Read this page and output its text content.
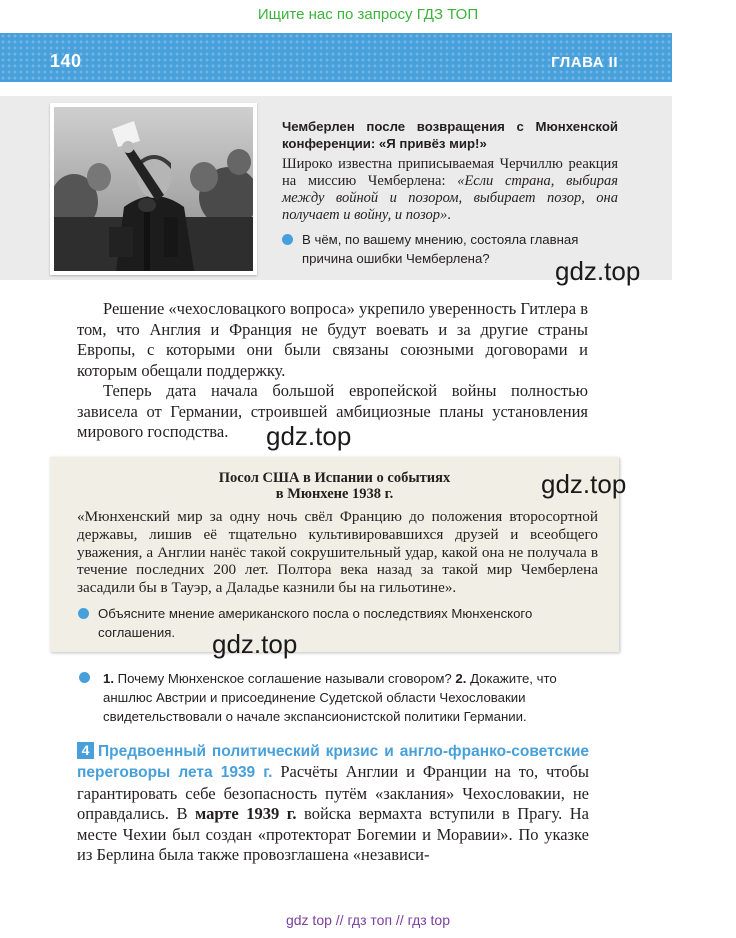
Ищите нас по запросу ГДЗ ТОП
140	ГЛАВА II
Чемберлен после возвращения с Мюнхенской конференции: «Я привёз мир!»
Широко известна приписываемая Черчиллю реакция на миссию Чемберлена: «Если страна, выбирая между войной и позором, выбирает позор, она получает и войну, и позор».
В чём, по вашему мнению, состояла главная причина ошибки Чемберлена?
Решение «чехословацкого вопроса» укрепило уверенность Гитлера в том, что Англия и Франция не будут воевать и за другие страны Европы, с которыми они были связаны союзными договорами и которым обещали поддержку.
Теперь дата начала большой европейской войны полностью зависела от Германии, строившей амбициозные планы установления мирового господства.
Посол США в Испании о событиях
в Мюнхене 1938 г.
«Мюнхенский мир за одну ночь свёл Францию до положения второсортной державы, лишив её тщательно культивировавшихся друзей и всеобщего уважения, а Англии нанёс такой сокрушительный удар, какой она не получала в течение последних 200 лет. Полтора века назад за такой мир Чемберлена засадили бы в Тауэр, а Даладье казнили бы на гильотине».
Объясните мнение американского посла о последствиях Мюнхенского соглашения.
1. Почему Мюнхенское соглашение называли сговором? 2. Докажите, что аншлюс Австрии и присоединение Судетской области Чехословакии свидетельствовали о начале экспансионистской политики Германии.
4 Предвоенный политический кризис и англо-франко-советские переговоры лета 1939 г. Расчёты Англии и Франции на то, чтобы гарантировать себе безопасность путём «заклания» Чехословакии, не оправдались. В марте 1939 г. войска вермахта вступили в Прагу. На месте Чехии был создан «протекторат Богемии и Моравии». По указке из Берлина была также провозглашена «независи-
gdz.top
gdz.top
gdz.top
gdz.top
gdz top // гдз топ // гдз top
